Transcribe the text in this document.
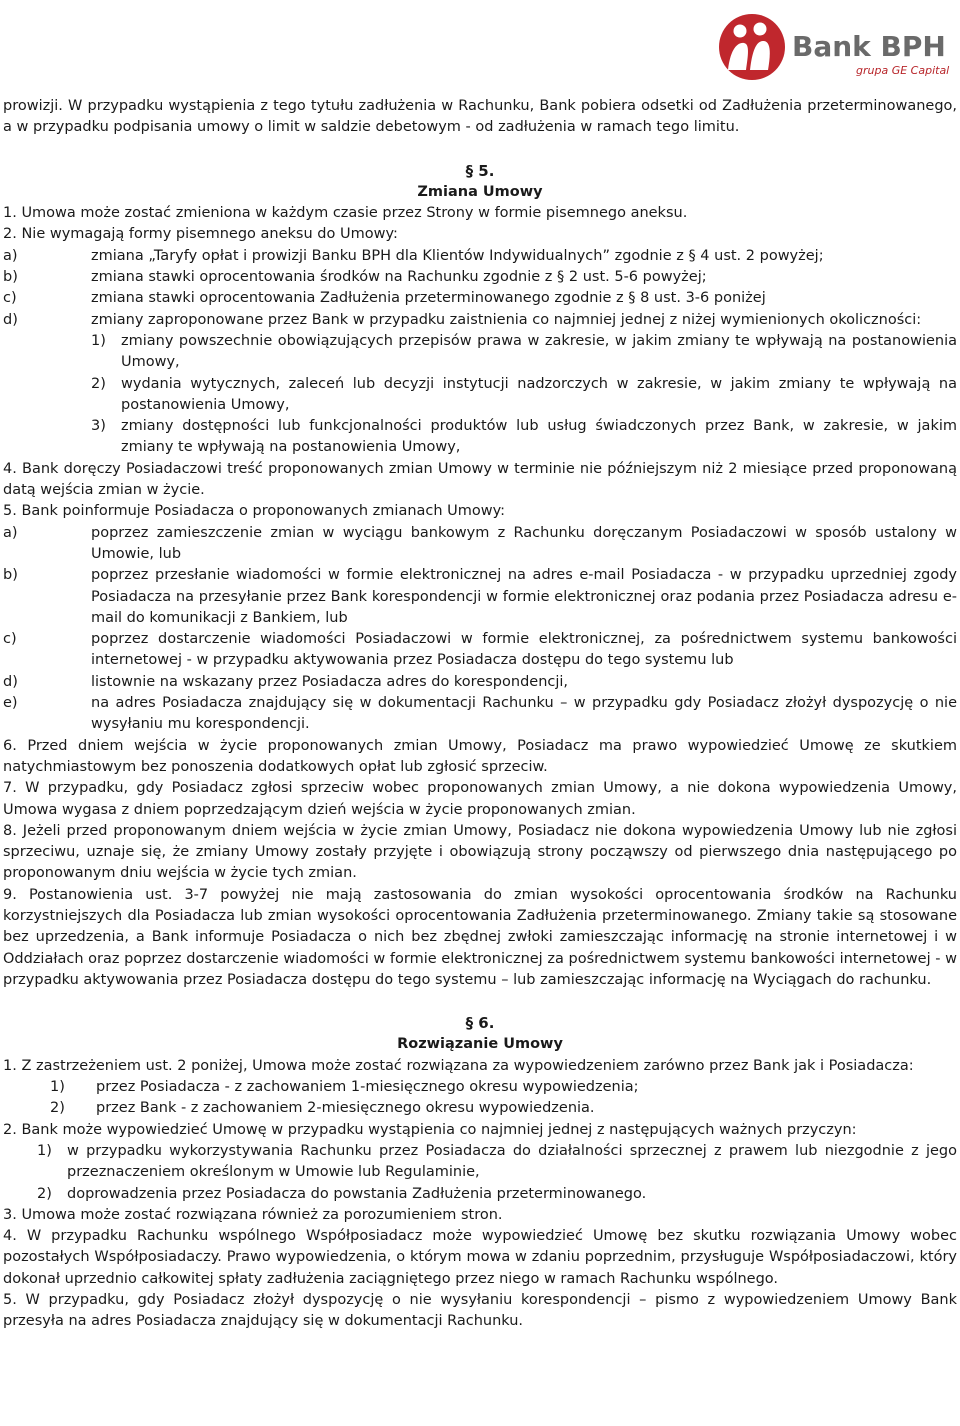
Bank BPH
grupa GE Capital

prowizji. W przypadku wystąpienia z tego tytułu zadłużenia w Rachunku, Bank pobiera odsetki od Zadłużenia przeterminowanego, a w przypadku podpisania umowy o limit w saldzie debetowym - od zadłużenia w ramach tego limitu.

§ 5.

Zmiana Umowy

1. Umowa może zostać zmieniona w każdym czasie przez Strony w formie pisemnego aneksu.

2. Nie wymagają formy pisemnego aneksu do Umowy:

a)	zmiana „Taryfy opłat i prowizji Banku BPH dla Klientów Indywidualnych” zgodnie z § 4 ust. 2 powyżej;
b)	zmiana stawki oprocentowania środków na Rachunku zgodnie z § 2 ust. 5-6 powyżej;
c)	zmiana stawki oprocentowania Zadłużenia przeterminowanego zgodnie z § 8 ust. 3-6 poniżej
d)	zmiany zaproponowane przez Bank w przypadku zaistnienia co najmniej jednej z niżej wymienionych okoliczności:
1)	zmiany powszechnie obowiązujących przepisów prawa w zakresie, w jakim zmiany te wpływają na postanowienia Umowy,
2)	wydania wytycznych, zaleceń lub decyzji instytucji nadzorczych w zakresie, w jakim zmiany te wpływają na postanowienia Umowy,
3)	zmiany dostępności lub funkcjonalności produktów lub usług świadczonych przez Bank, w zakresie, w jakim zmiany te wpływają na postanowienia Umowy,

4. Bank doręczy Posiadaczowi treść proponowanych zmian Umowy w terminie nie późniejszym niż 2 miesiące przed proponowaną datą wejścia zmian w życie.

5. Bank poinformuje Posiadacza o proponowanych zmianach Umowy:

a)	poprzez zamieszczenie zmian w wyciągu bankowym z Rachunku doręczanym Posiadaczowi w sposób ustalony w Umowie, lub
b)	poprzez przesłanie wiadomości w formie elektronicznej na adres e-mail Posiadacza - w przypadku uprzedniej zgody Posiadacza na przesyłanie przez Bank korespondencji w formie elektronicznej oraz podania przez Posiadacza adresu e-mail do komunikacji z Bankiem, lub
c)	poprzez dostarczenie wiadomości Posiadaczowi w formie elektronicznej, za pośrednictwem systemu bankowości internetowej - w przypadku aktywowania przez Posiadacza dostępu do tego systemu lub
d)	listownie na wskazany przez Posiadacza adres do korespondencji,
e)	na adres Posiadacza znajdujący się w dokumentacji Rachunku – w przypadku gdy Posiadacz złożył dyspozycję o nie wysyłaniu mu korespondencji.

6. Przed dniem wejścia w życie proponowanych zmian Umowy, Posiadacz ma prawo wypowiedzieć Umowę ze skutkiem natychmiastowym bez ponoszenia dodatkowych opłat lub zgłosić sprzeciw.

7. W przypadku, gdy Posiadacz zgłosi sprzeciw wobec proponowanych zmian Umowy, a nie dokona wypowiedzenia Umowy, Umowa wygasa z dniem poprzedzającym dzień wejścia w życie proponowanych zmian.

8. Jeżeli przed proponowanym dniem wejścia w życie zmian Umowy, Posiadacz nie dokona wypowiedzenia Umowy lub nie zgłosi sprzeciwu, uznaje się, że zmiany Umowy zostały przyjęte i obowiązują strony począwszy od pierwszego dnia następującego po proponowanym dniu wejścia w życie tych zmian.

9. Postanowienia ust. 3-7 powyżej nie mają zastosowania do zmian wysokości oprocentowania środków na Rachunku korzystniejszych dla Posiadacza lub zmian wysokości oprocentowania Zadłużenia przeterminowanego. Zmiany takie są stosowane bez uprzedzenia, a Bank informuje Posiadacza o nich bez zbędnej zwłoki zamieszczając informację na stronie internetowej i w Oddziałach oraz poprzez dostarczenie wiadomości w formie elektronicznej za pośrednictwem systemu bankowości internetowej - w przypadku aktywowania przez Posiadacza dostępu do tego systemu – lub zamieszczając informację na Wyciągach do rachunku.

§ 6.

Rozwiązanie Umowy

1. Z zastrzeżeniem ust. 2 poniżej, Umowa może zostać rozwiązana za wypowiedzeniem zarówno przez Bank jak i Posiadacza:

1)	przez Posiadacza - z zachowaniem 1-miesięcznego okresu wypowiedzenia;
2)	przez Bank - z zachowaniem 2-miesięcznego okresu wypowiedzenia.

2. Bank może wypowiedzieć Umowę w przypadku wystąpienia co najmniej jednej z następujących ważnych przyczyn:

1)	w przypadku wykorzystywania Rachunku przez Posiadacza do działalności sprzecznej z prawem lub niezgodnie z jego przeznaczeniem określonym w Umowie lub Regulaminie,
2)	doprowadzenia przez Posiadacza do powstania Zadłużenia przeterminowanego.

3. Umowa może zostać rozwiązana również za porozumieniem stron.

4. W przypadku Rachunku wspólnego Współposiadacz może wypowiedzieć Umowę bez skutku rozwiązania Umowy wobec pozostałych Współposiadaczy. Prawo wypowiedzenia, o którym mowa w zdaniu poprzednim, przysługuje Współposiadaczowi, który dokonał uprzednio całkowitej spłaty zadłużenia zaciągniętego przez niego w ramach Rachunku wspólnego.

5. W przypadku, gdy Posiadacz złożył dyspozycję o nie wysyłaniu korespondencji – pismo z wypowiedzeniem Umowy Bank przesyła na adres Posiadacza znajdujący się w dokumentacji Rachunku.
